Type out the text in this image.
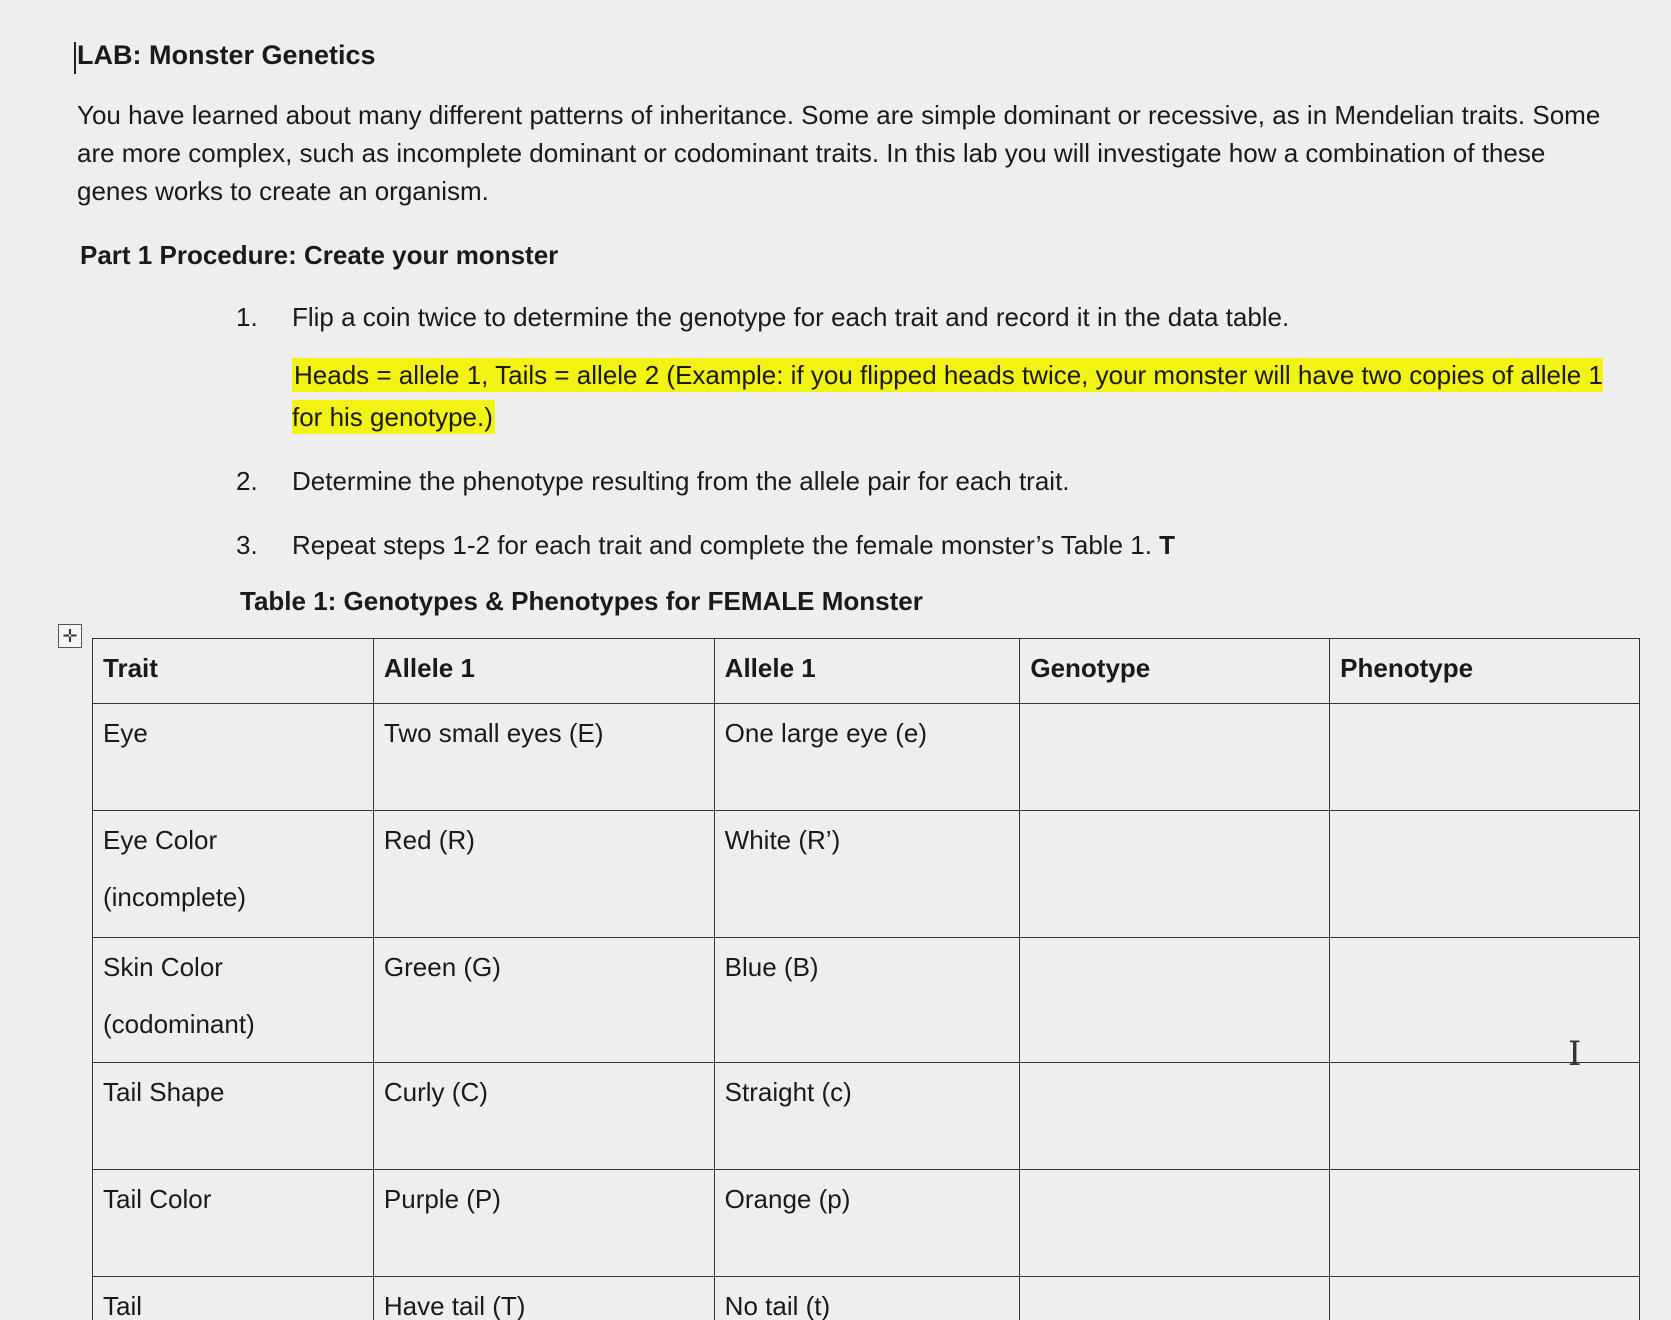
LAB: Monster Genetics
You have learned about many different patterns of inheritance. Some are simple dominant or recessive, as in Mendelian traits. Some are more complex, such as incomplete dominant or codominant traits. In this lab you will investigate how a combination of these genes works to create an organism.
Part 1 Procedure: Create your monster
1.	Flip a coin twice to determine the genotype for each trait and record it in the data table.
Heads = allele 1, Tails = allele 2 (Example: if you flipped heads twice, your monster will have two copies of allele 1 for his genotype.)
2.	Determine the phenotype resulting from the allele pair for each trait.
3.	Repeat steps 1-2 for each trait and complete the female monster’s Table 1. T
Table 1: Genotypes & Phenotypes for FEMALE Monster
✛
Trait	Allele 1	Allele 1	Genotype	Phenotype
Eye	Two small eyes (E)	One large eye (e)		
Eye Color
(incomplete)	Red (R)	White (R’)		
Skin Color
(codominant)	Green (G)	Blue (B)		
Tail Shape	Curly (C)	Straight (c)		
Tail Color	Purple (P)	Orange (p)		
Tail	Have tail (T)	No tail (t)		
I
